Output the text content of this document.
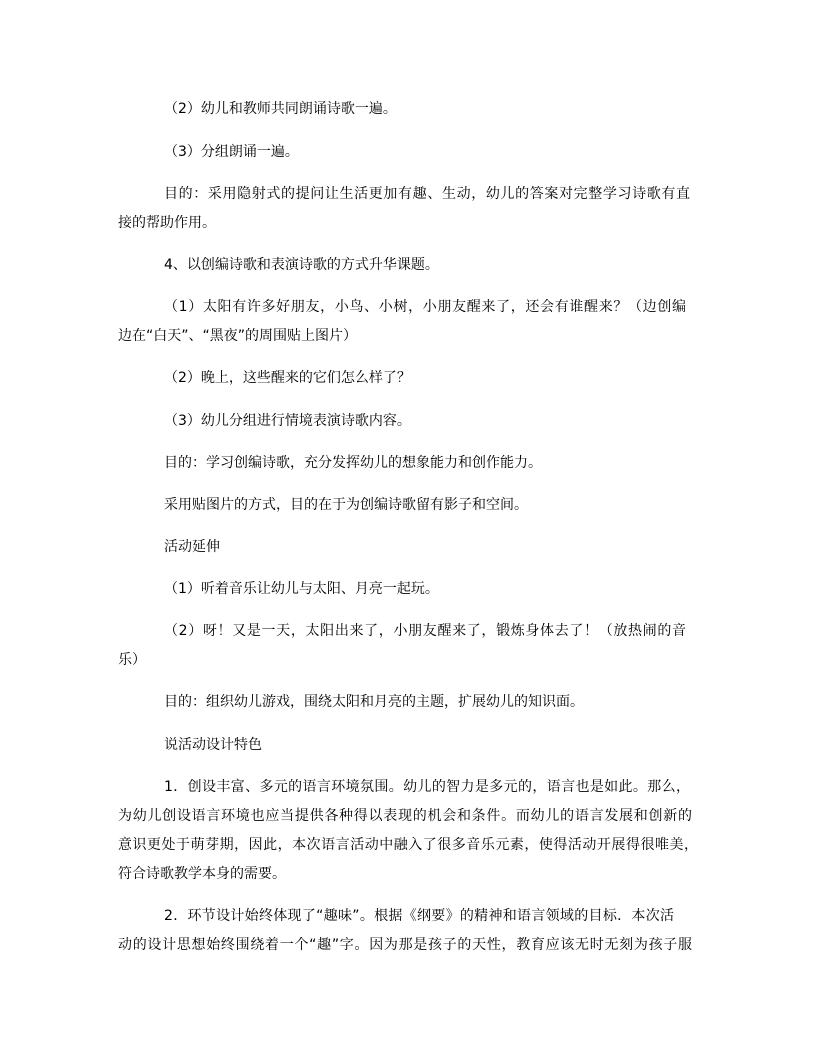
（2）幼儿和教师共同朗诵诗歌一遍。
（3）分组朗诵一遍。
目的：采用隐射式的提问让生活更加有趣、生动，幼儿的答案对完整学习诗歌有直
接的帮助作用。
4、以创编诗歌和表演诗歌的方式升华课题。
（1）太阳有许多好朋友，小鸟、小树，小朋友醒来了，还会有谁醒来？（边创编
边在“白天”、“黑夜”的周围贴上图片）
（2）晚上，这些醒来的它们怎么样了？
（3）幼儿分组进行情境表演诗歌内容。
目的：学习创编诗歌，充分发挥幼儿的想象能力和创作能力。
采用贴图片的方式，目的在于为创编诗歌留有影子和空间。
活动延伸
（1）听着音乐让幼儿与太阳、月亮一起玩。
（2）呀！又是一天，太阳出来了，小朋友醒来了，锻炼身体去了！（放热闹的音
乐）
目的：组织幼儿游戏，围绕太阳和月亮的主题，扩展幼儿的知识面。
说活动设计特色
1．创设丰富、多元的语言环境氛围。幼儿的智力是多元的，语言也是如此。那么，
为幼儿创设语言环境也应当提供各种得以表现的机会和条件。而幼儿的语言发展和创新的
意识更处于萌芽期，因此，本次语言活动中融入了很多音乐元素，使得活动开展得很唯美，
符合诗歌教学本身的需要。
2．环节设计始终体现了“趣味”。根据《纲要》的精神和语言领域的目标．本次活
动的设计思想始终围绕着一个“趣”字。因为那是孩子的天性，教育应该无时无刻为孩子服
